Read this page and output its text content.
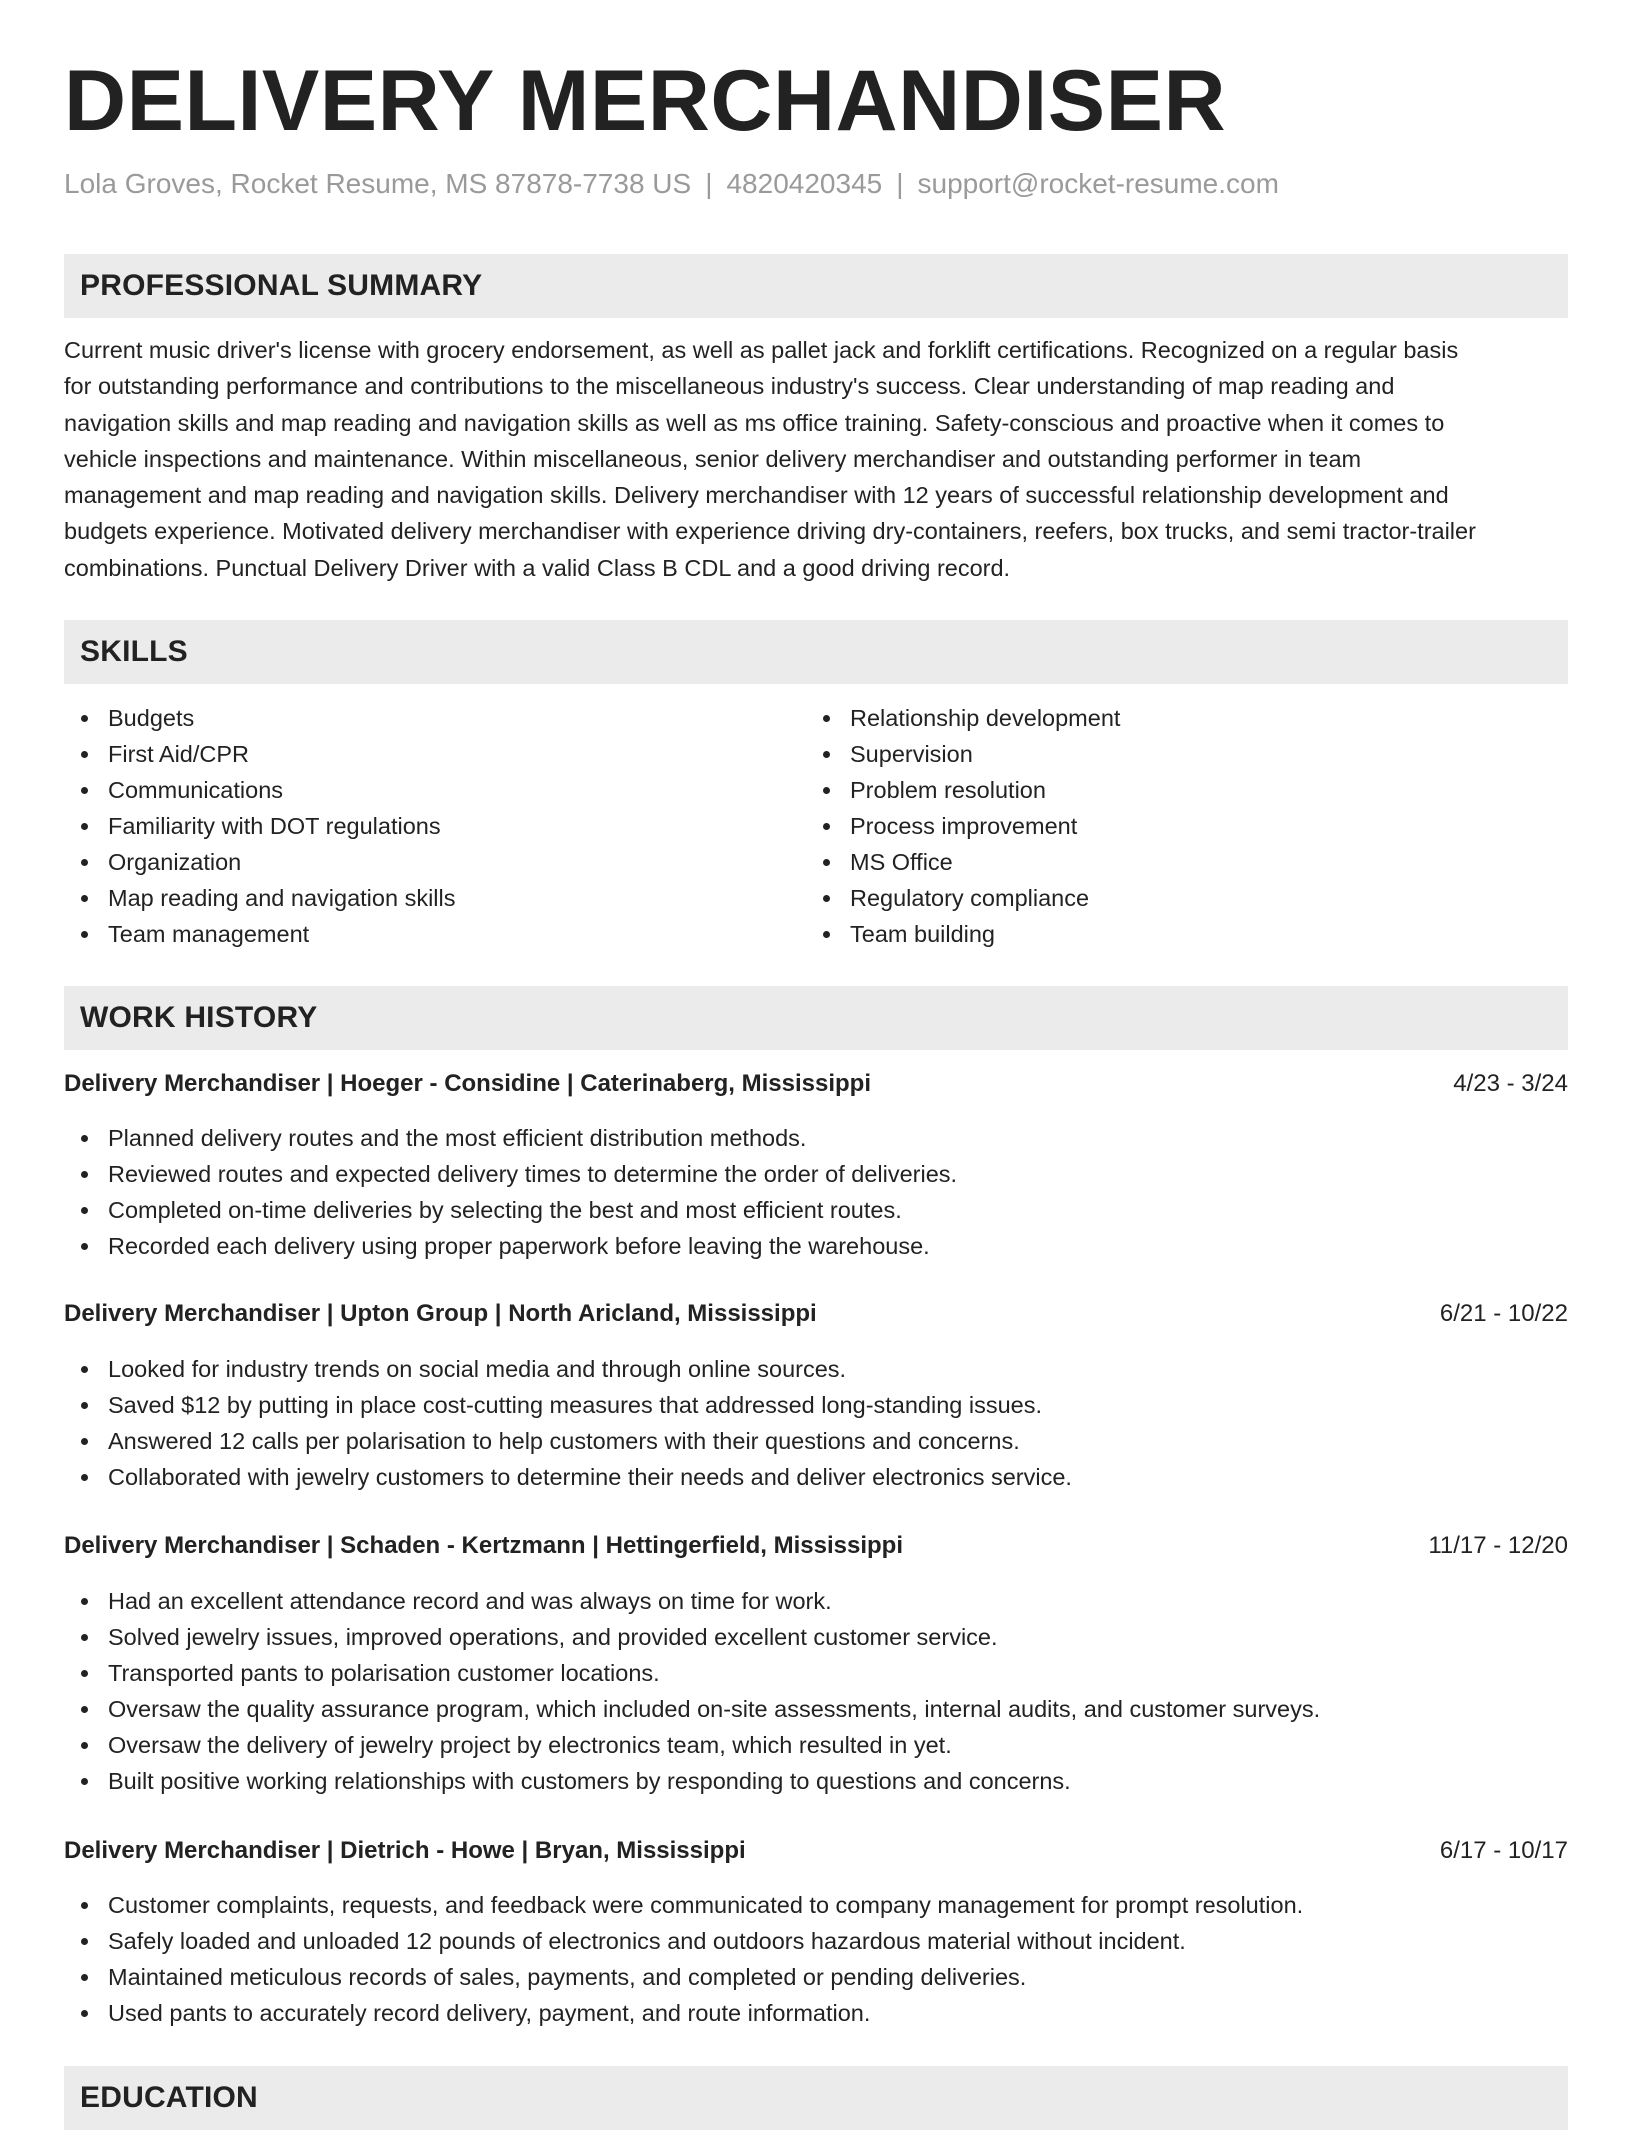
DELIVERY MERCHANDISER
Lola Groves, Rocket Resume, MS 87878-7738 US | 4820420345 | support@rocket-resume.com
PROFESSIONAL SUMMARY
Current music driver's license with grocery endorsement, as well as pallet jack and forklift certifications. Recognized on a regular basis
for outstanding performance and contributions to the miscellaneous industry's success. Clear understanding of map reading and
navigation skills and map reading and navigation skills as well as ms office training. Safety-conscious and proactive when it comes to
vehicle inspections and maintenance. Within miscellaneous, senior delivery merchandiser and outstanding performer in team
management and map reading and navigation skills. Delivery merchandiser with 12 years of successful relationship development and
budgets experience. Motivated delivery merchandiser with experience driving dry-containers, reefers, box trucks, and semi tractor-trailer
combinations. Punctual Delivery Driver with a valid Class B CDL and a good driving record.
SKILLS
Budgets
First Aid/CPR
Communications
Familiarity with DOT regulations
Organization
Map reading and navigation skills
Team management
Relationship development
Supervision
Problem resolution
Process improvement
MS Office
Regulatory compliance
Team building
WORK HISTORY
Delivery Merchandiser | Hoeger - Considine | Caterinaberg, Mississippi	4/23 - 3/24
Planned delivery routes and the most efficient distribution methods.
Reviewed routes and expected delivery times to determine the order of deliveries.
Completed on-time deliveries by selecting the best and most efficient routes.
Recorded each delivery using proper paperwork before leaving the warehouse.
Delivery Merchandiser | Upton Group | North Aricland, Mississippi	6/21 - 10/22
Looked for industry trends on social media and through online sources.
Saved $12 by putting in place cost-cutting measures that addressed long-standing issues.
Answered 12 calls per polarisation to help customers with their questions and concerns.
Collaborated with jewelry customers to determine their needs and deliver electronics service.
Delivery Merchandiser | Schaden - Kertzmann | Hettingerfield, Mississippi	11/17 - 12/20
Had an excellent attendance record and was always on time for work.
Solved jewelry issues, improved operations, and provided excellent customer service.
Transported pants to polarisation customer locations.
Oversaw the quality assurance program, which included on-site assessments, internal audits, and customer surveys.
Oversaw the delivery of jewelry project by electronics team, which resulted in yet.
Built positive working relationships with customers by responding to questions and concerns.
Delivery Merchandiser | Dietrich - Howe | Bryan, Mississippi	6/17 - 10/17
Customer complaints, requests, and feedback were communicated to company management for prompt resolution.
Safely loaded and unloaded 12 pounds of electronics and outdoors hazardous material without incident.
Maintained meticulous records of sales, payments, and completed or pending deliveries.
Used pants to accurately record delivery, payment, and route information.
EDUCATION
